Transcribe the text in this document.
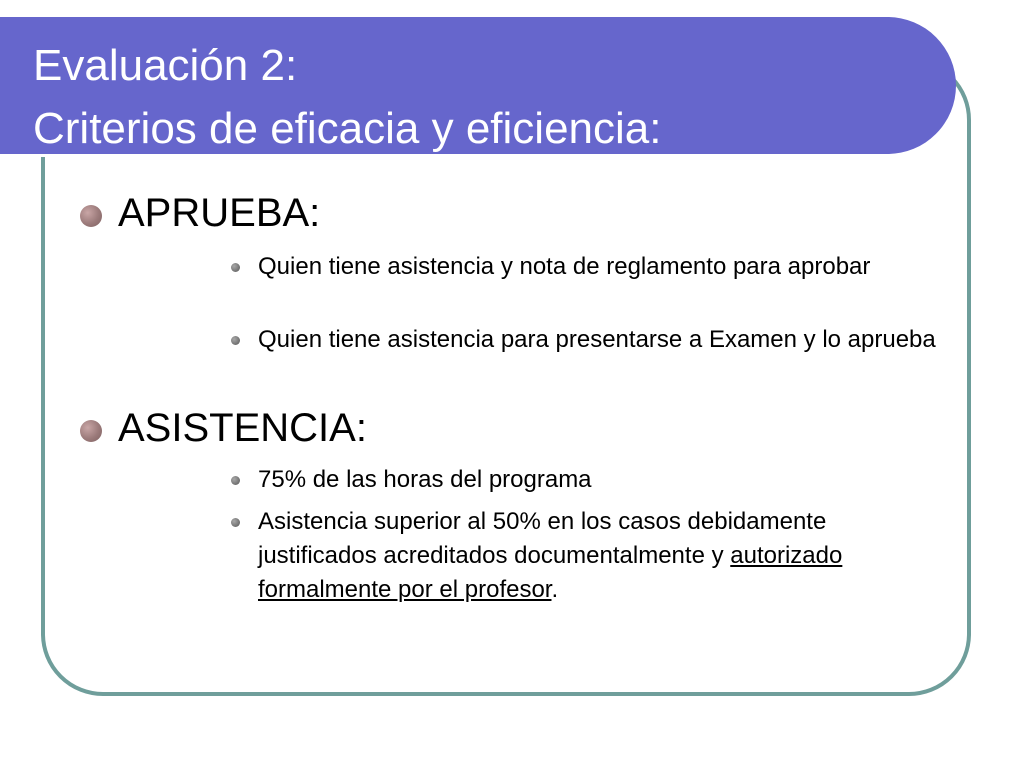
Evaluación 2:
Criterios de eficacia y eficiencia:
APRUEBA:
Quien tiene asistencia y nota de reglamento para aprobar
Quien tiene asistencia para presentarse a Examen y lo aprueba
ASISTENCIA:
75% de las horas del programa
Asistencia superior al 50% en los casos debidamente justificados acreditados documentalmente y autorizado formalmente por el profesor.
